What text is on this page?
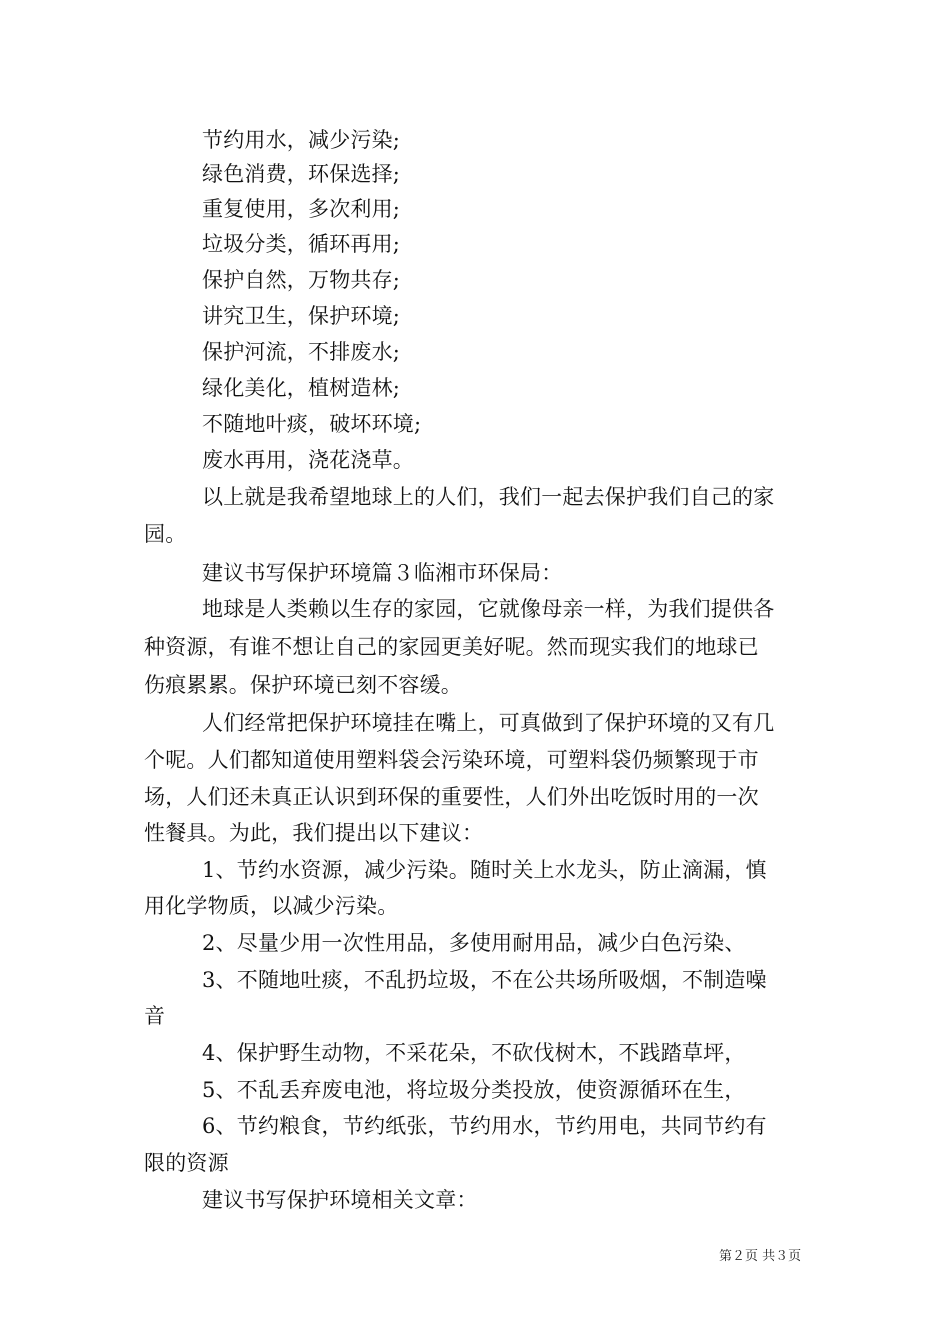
节约用水，减少污染;
绿色消费，环保选择;
重复使用，多次利用;
垃圾分类，循环再用;
保护自然，万物共存;
讲究卫生，保护环境;
保护河流，不排废水;
绿化美化，植树造林;
不随地叶痰，破坏环境;
废水再用，浇花浇草。
以上就是我希望地球上的人们，我们一起去保护我们自己的家
园。
建议书写保护环境篇３临湘市环保局：
地球是人类赖以生存的家园，它就像母亲一样，为我们提供各
种资源，有谁不想让自己的家园更美好呢。然而现实我们的地球已
伤痕累累。保护环境已刻不容缓。
人们经常把保护环境挂在嘴上，可真做到了保护环境的又有几
个呢。人们都知道使用塑料袋会污染环境，可塑料袋仍频繁现于市
场，人们还未真正认识到环保的重要性，人们外出吃饭时用的一次
性餐具。为此，我们提出以下建议：
1、节约水资源，减少污染。随时关上水龙头，防止滴漏，慎
用化学物质，以减少污染。
2、尽量少用一次性用品，多使用耐用品，减少白色污染、
3、不随地吐痰，不乱扔垃圾，不在公共场所吸烟，不制造噪
音
4、保护野生动物，不采花朵，不砍伐树木，不践踏草坪，
5、不乱丢弃废电池，将垃圾分类投放，使资源循环在生，
6、节约粮食，节约纸张，节约用水，节约用电，共同节约有
限的资源
建议书写保护环境相关文章：
第２页 共３页
